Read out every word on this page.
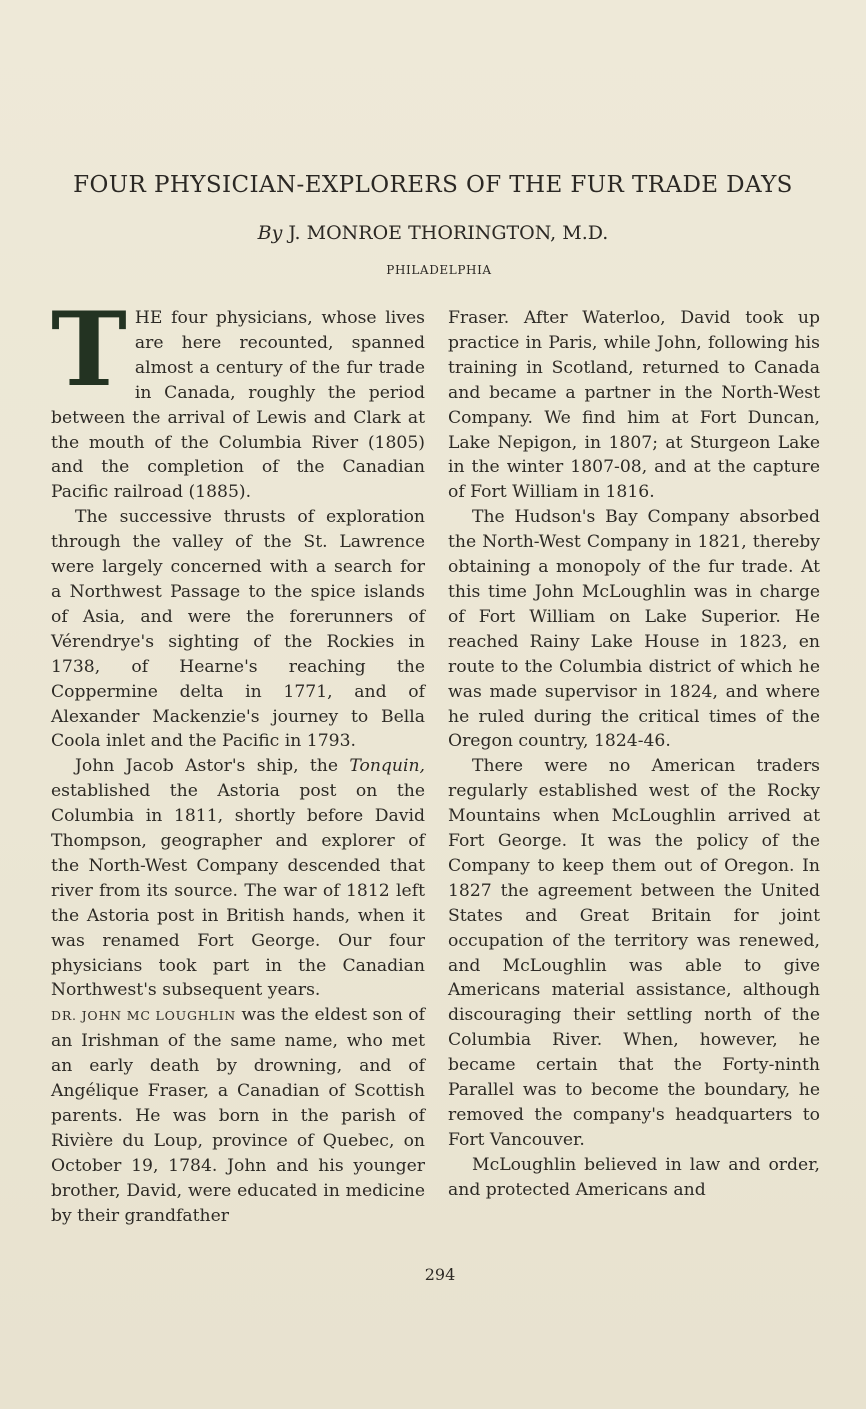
FOUR PHYSICIAN-EXPLORERS OF THE FUR TRADE DAYS
By J. MONROE THORINGTON, M.D.
PHILADELPHIA

THE four physicians, whose lives are here recounted, spanned almost a century of the fur trade in Canada, roughly the period between the arrival of Lewis and Clark at the mouth of the Columbia River (1805) and the completion of the Canadian Pacific railroad (1885).

The successive thrusts of exploration through the valley of the St. Lawrence were largely concerned with a search for a Northwest Passage to the spice islands of Asia, and were the forerunners of Vérendrye's sighting of the Rockies in 1738, of Hearne's reaching the Coppermine delta in 1771, and of Alexander Mackenzie's journey to Bella Coola inlet and the Pacific in 1793.

John Jacob Astor's ship, the Tonquin, established the Astoria post on the Columbia in 1811, shortly before David Thompson, geographer and explorer of the North-West Company descended that river from its source. The war of 1812 left the Astoria post in British hands, when it was renamed Fort George. Our four physicians took part in the Canadian Northwest's subsequent years.

DR. JOHN MC LOUGHLIN was the eldest son of an Irishman of the same name, who met an early death by drowning, and of Angélique Fraser, a Canadian of Scottish parents. He was born in the parish of Rivière du Loup, province of Quebec, on October 19, 1784. John and his younger brother, David, were educated in medicine by their grandfather

Fraser. After Waterloo, David took up practice in Paris, while John, following his training in Scotland, returned to Canada and became a partner in the North-West Company. We find him at Fort Duncan, Lake Nepigon, in 1807; at Sturgeon Lake in the winter 1807-08, and at the capture of Fort William in 1816.

The Hudson's Bay Company absorbed the North-West Company in 1821, thereby obtaining a monopoly of the fur trade. At this time John McLoughlin was in charge of Fort William on Lake Superior. He reached Rainy Lake House in 1823, en route to the Columbia district of which he was made supervisor in 1824, and where he ruled during the critical times of the Oregon country, 1824-46.

There were no American traders regularly established west of the Rocky Mountains when McLoughlin arrived at Fort George. It was the policy of the Company to keep them out of Oregon. In 1827 the agreement between the United States and Great Britain for joint occupation of the territory was renewed, and McLoughlin was able to give Americans material assistance, although discouraging their settling north of the Columbia River. When, however, he became certain that the Forty-ninth Parallel was to become the boundary, he removed the company's headquarters to Fort Vancouver.

McLoughlin believed in law and order, and protected Americans and

294
